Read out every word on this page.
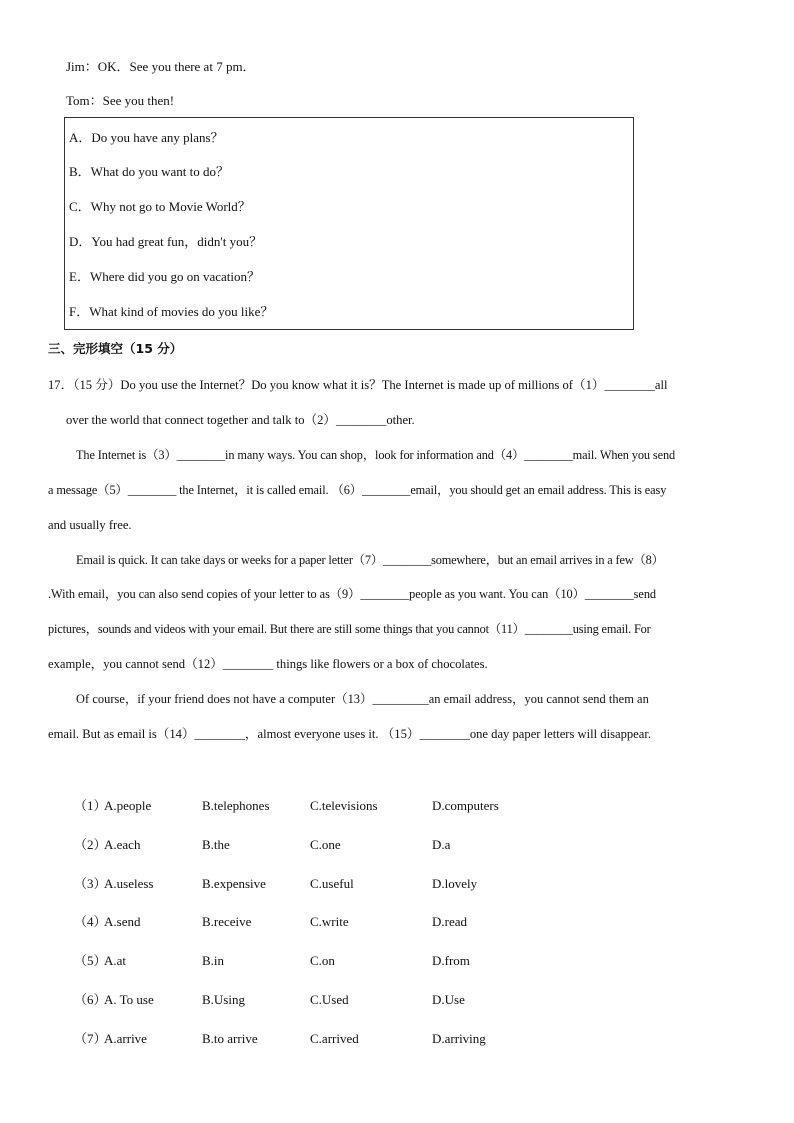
Jim：OK．See you there at 7 pm．
Tom：See you then!
A．Do you have any plans？
B．What do you want to do？
C．Why not go to Movie World？
D．You had great fun，didn't you？
E．Where did you go on vacation？
F．What kind of movies do you like？
三、完形填空（15 分）
17．（15 分）Do you use the Internet？Do you know what it is？The Internet is made up of millions of（1）________all
over the world that connect together and talk to（2）________other.
The Internet is（3）________in many ways. You can shop，look for information and（4）________mail. When you send
a message（5）________ the Internet，it is called email. （6）________email，you should get an email address. This is easy
and usually free.
Email is quick. It can take days or weeks for a paper letter（7）________somewhere，but an email arrives in a few（8）
.With email，you can also send copies of your letter to as（9）________people as you want. You can（10）________send
pictures，sounds and videos with your email. But there are still some things that you cannot（11）________using email. For
example，you cannot send（12）________ things like flowers or a box of chocolates.
Of course，if your friend does not have a computer（13）_________an email address，you cannot send them an
email. But as email is（14）________，almost everyone uses it. （15）________one day paper letters will disappear.
（1）
A.people	B.telephones	C.televisions	D.computers
（2）
A.each	B.the	C.one	D.a
（3）
A.useless	B.expensive	C.useful	D.lovely
（4）
A.send	B.receive	C.write	D.read
（5）
A.at	B.in	C.on	D.from
（6）
A. To use	B.Using	C.Used	D.Use
（7）
A.arrive	B.to arrive	C.arrived	D.arriving
